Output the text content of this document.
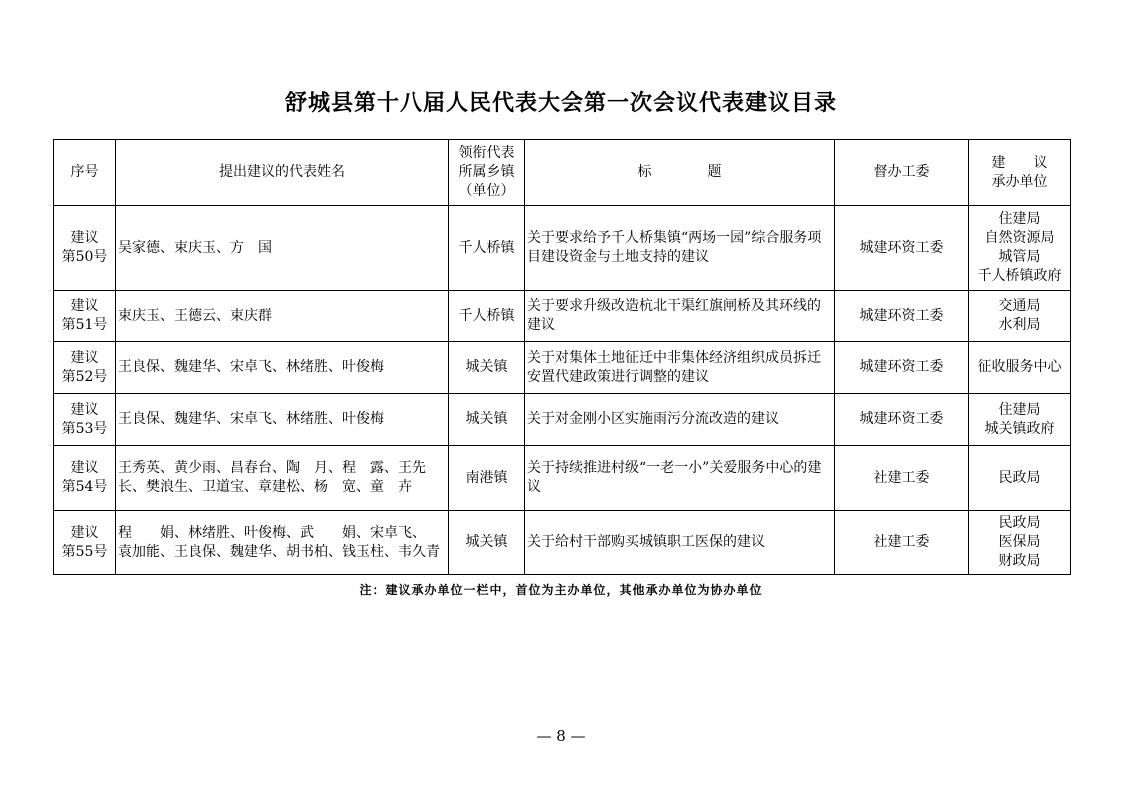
舒城县第十八届人民代表大会第一次会议代表建议目录
序号	提出建议的代表姓名	领衔代表
所属乡镇
（单位）	标　　　　题	督办工委	建　　议
承办单位
建议
第50号	吴家德、束庆玉、方　国	千人桥镇	关于要求给予千人桥集镇“两场一园”综合服务项目建设资金与土地支持的建议	城建环资工委	住建局
自然资源局
城管局
千人桥镇政府
建议
第51号	束庆玉、王德云、束庆群	千人桥镇	关于要求升级改造杭北干渠红旗闸桥及其环线的建议	城建环资工委	交通局
水利局
建议
第52号	王良保、魏建华、宋卓飞、林绪胜、叶俊梅	城关镇	关于对集体土地征迁中非集体经济组织成员拆迁安置代建政策进行调整的建议	城建环资工委	征收服务中心
建议
第53号	王良保、魏建华、宋卓飞、林绪胜、叶俊梅	城关镇	关于对金刚小区实施雨污分流改造的建议	城建环资工委	住建局
城关镇政府
建议
第54号	王秀英、黄少雨、昌春台、陶　月、程　露、王先长、樊浪生、卫道宝、章建松、杨　宽、童　卉	南港镇	关于持续推进村级“一老一小”关爱服务中心的建议	社建工委	民政局
建议
第55号	程　　娟、林绪胜、叶俊梅、武　　娟、宋卓飞、　　袁加能、王良保、魏建华、胡书柏、钱玉柱、韦久青	城关镇	关于给村干部购买城镇职工医保的建议	社建工委	民政局
医保局
财政局
注：建议承办单位一栏中，首位为主办单位，其他承办单位为协办单位
— 8 —
